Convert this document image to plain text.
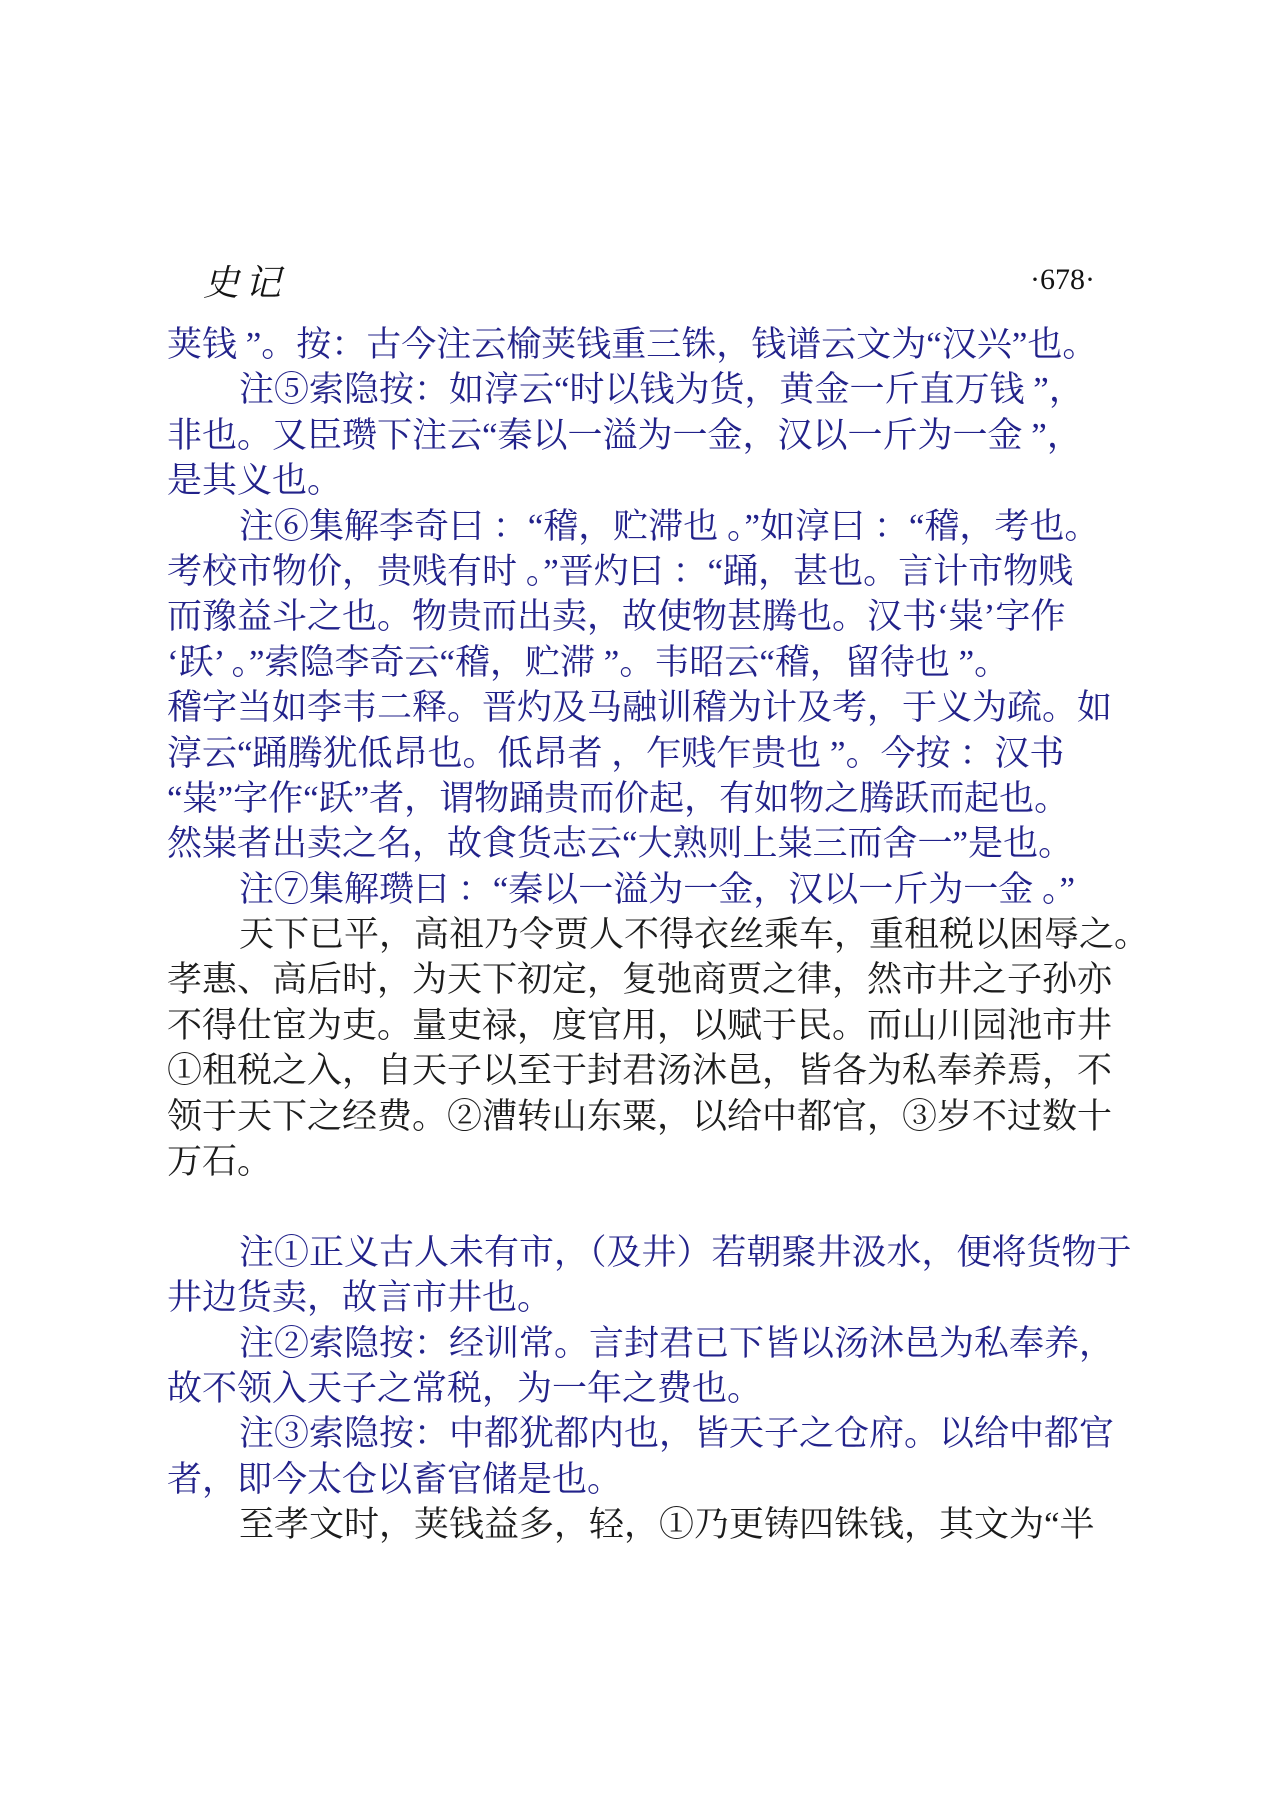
史记	·678·
荚钱 ”。按：古今注云榆荚钱重三铢，钱谱云文为“汉兴”也。
注⑤索隐按：如淳云“时以钱为货，黄金一斤直万钱 ”，
非也。又臣瓒下注云“秦以一溢为一金，汉以一斤为一金 ”，
是其义也。
注⑥集解李奇曰 ：“稽，贮滞也 。”如淳曰 ：“稽，考也。
考校市物价，贵贱有时 。”晋灼曰 ：“踊，甚也。言计市物贱
而豫益斗之也。物贵而出卖，故使物甚腾也。汉书‘粜’字作
‘跃’ 。”索隐李奇云“稽，贮滞 ”。韦昭云“稽，留待也 ”。
稽字当如李韦二释。晋灼及马融训稽为计及考，于义为疏。如
淳云“踊腾犹低昂也。低昂者 ，乍贱乍贵也 ”。今按 ：汉书
“粜”字作“跃”者，谓物踊贵而价起，有如物之腾跃而起也。
然粜者出卖之名，故食货志云“大熟则上粜三而舍一”是也。
注⑦集解瓒曰 ：“秦以一溢为一金，汉以一斤为一金 。”
天下已平，高祖乃令贾人不得衣丝乘车，重租税以困辱之。
孝惠、高后时，为天下初定，复弛商贾之律，然市井之子孙亦
不得仕宦为吏。量吏禄，度官用，以赋于民。而山川园池市井
①租税之入，自天子以至于封君汤沐邑，皆各为私奉养焉，不
领于天下之经费。②漕转山东粟，以给中都官，③岁不过数十
万石。

注①正义古人未有市，（及井）若朝聚井汲水，便将货物于
井边货卖，故言市井也。
注②索隐按：经训常。言封君已下皆以汤沐邑为私奉养，
故不领入天子之常税，为一年之费也。
注③索隐按：中都犹都内也，皆天子之仓府。以给中都官
者，即今太仓以畜官储是也。
至孝文时，荚钱益多，轻，①乃更铸四铢钱，其文为“半
